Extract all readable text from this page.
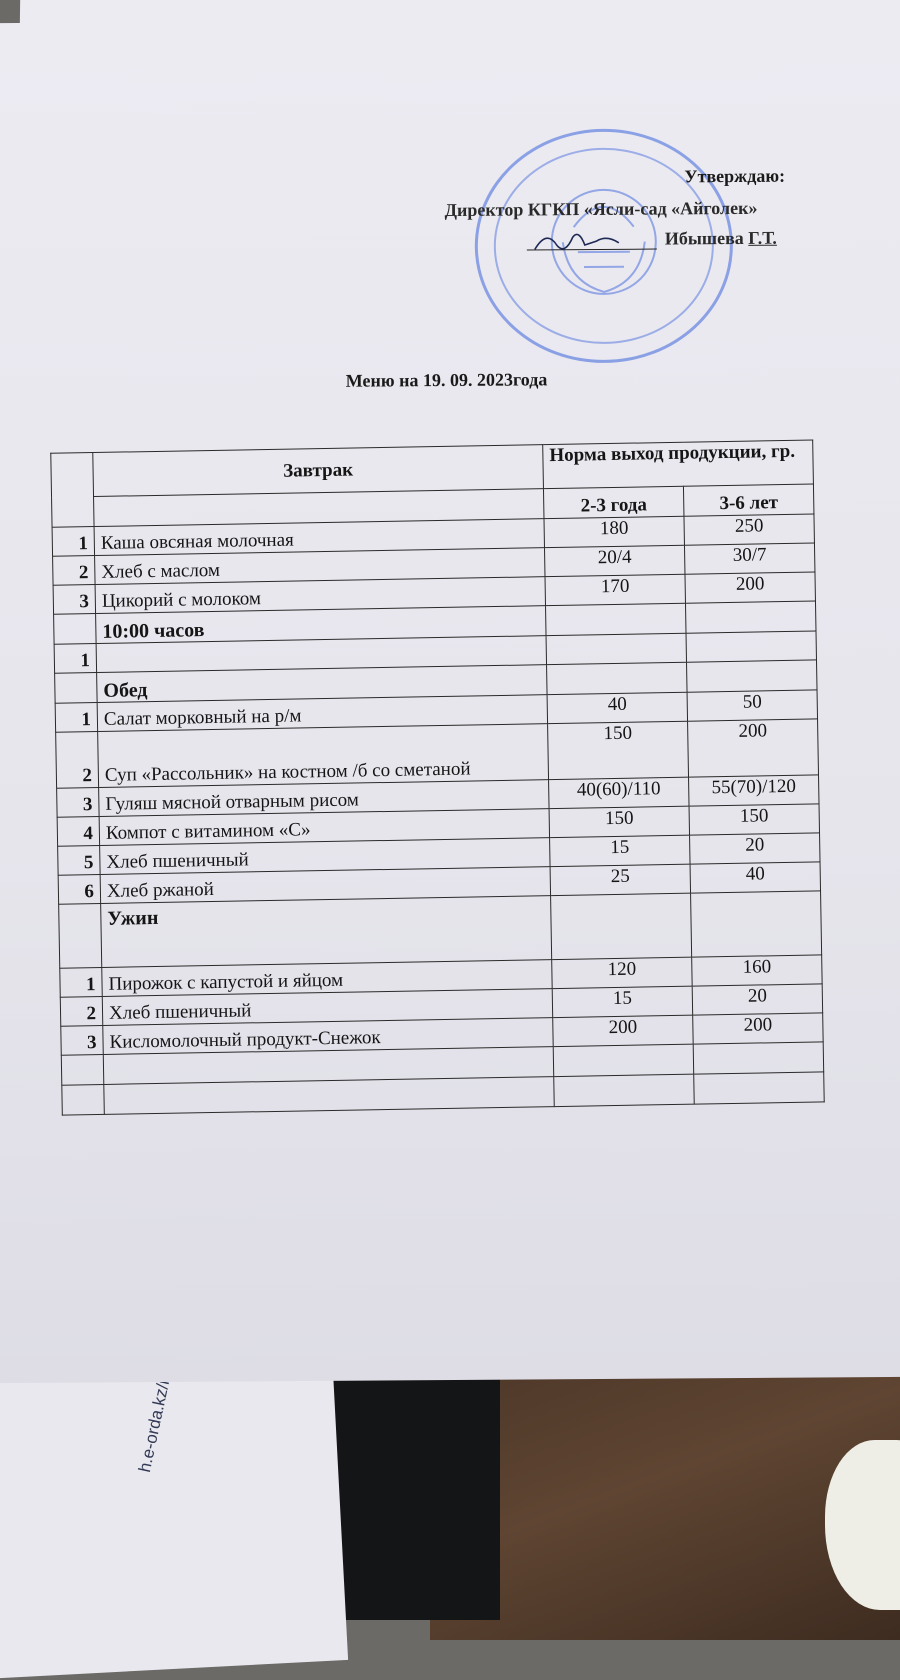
Утверждаю:
Директор КГКП «Ясли-сад «Айголек»
Ибышева Г.Т.
Меню на 19. 09. 2023года
	Завтрак	Норма выход продукции, гр.	
		2-3 года	3-6 лет
1	Каша овсяная молочная	180	250
2	Хлеб с маслом	20/4	30/7
3	Цикорий с молоком	170	200
	10:00 часов		
1			
	Обед		
1	Салат морковный на р/м	40	50
2	Суп «Рассольник» на костном /б со сметаной	150	200
3	Гуляш мясной отварным рисом	40(60)/110	55(70)/120
4	Компот с витамином «С»	150	150
5	Хлеб пшеничный	15	20
6	Хлеб ржаной	25	40
	Ужин		
1	Пирожок с капустой и яйцом	120	160
2	Хлеб пшеничный	15	20
3	Кисломолочный продукт-Снежок	200	200
